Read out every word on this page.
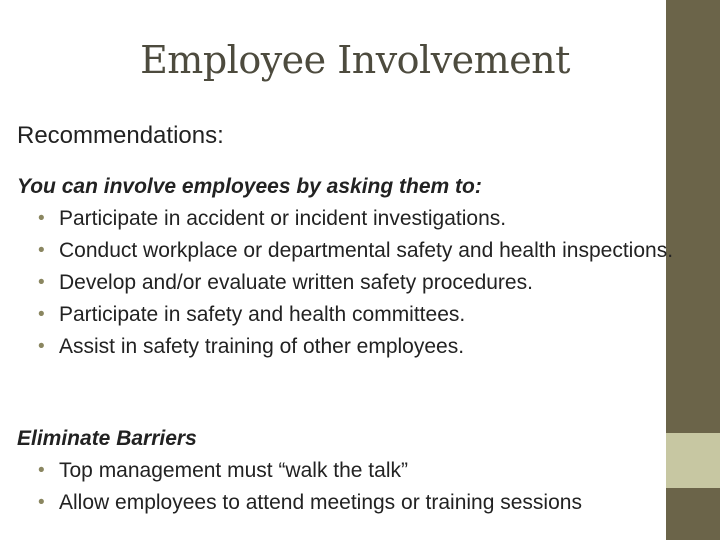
Employee Involvement
Recommendations:
You can involve employees by asking them to:
• Participate in accident or incident investigations.
• Conduct workplace or departmental safety and health inspections.
• Develop and/or evaluate written safety procedures.
• Participate in safety and health committees.
• Assist in safety training of other employees.
Eliminate Barriers
• Top management must “walk the talk”
• Allow employees to attend meetings or training sessions
